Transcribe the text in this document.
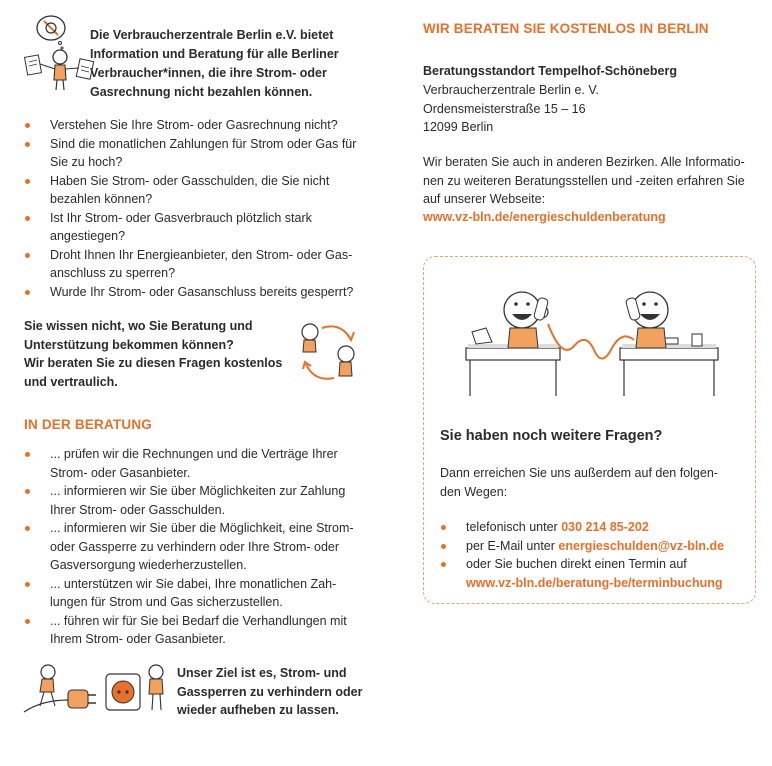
Die Verbraucherzentrale Berlin e.V. bietet
Information und Beratung für alle Berliner
Verbraucher*innen, die ihre Strom- oder
Gasrechnung nicht bezahlen können.
Verstehen Sie Ihre Strom- oder Gasrechnung nicht?
Sind die monatlichen Zahlungen für Strom oder Gas für Sie zu hoch?
Haben Sie Strom- oder Gasschulden, die Sie nicht bezahlen können?
Ist Ihr Strom- oder Gasverbrauch plötzlich stark angestiegen?
Droht Ihnen Ihr Energieanbieter, den Strom- oder Gas-anschluss zu sperren?
Wurde Ihr Strom- oder Gasanschluss bereits gesperrt?
Sie wissen nicht, wo Sie Beratung und
Unterstützung bekommen können?
Wir beraten Sie zu diesen Fragen kostenlos
und vertraulich.
IN DER BERATUNG
... prüfen wir die Rechnungen und die Verträge Ihrer Strom- oder Gasanbieter.
... informieren wir Sie über Möglichkeiten zur Zahlung Ihrer Strom- oder Gasschulden.
... informieren wir Sie über die Möglichkeit, eine Strom- oder Gassperre zu verhindern oder Ihre Strom- oder Gasversorgung wiederherzustellen.
... unterstützen wir Sie dabei, Ihre monatlichen Zah-lungen für Strom und Gas sicherzustellen.
... führen wir für Sie bei Bedarf die Verhandlungen mit Ihrem Strom- oder Gasanbieter.
Unser Ziel ist es, Strom- und
Gassperren zu verhindern oder
wieder aufheben zu lassen.
WIR BERATEN SIE KOSTENLOS IN BERLIN
Beratungsstandort Tempelhof-Schöneberg
Verbraucherzentrale Berlin e. V.
Ordensmeisterstraße 15 – 16
12099 Berlin
Wir beraten Sie auch in anderen Bezirken. Alle Informatio-
nen zu weiteren Beratungsstellen und -zeiten erfahren Sie
auf unserer Webseite:
www.vz-bln.de/energieschuldenberatung
Sie haben noch weitere Fragen?
Dann erreichen Sie uns außerdem auf den folgen-
den Wegen:
telefonisch unter 030 214 85-202
per E-Mail unter energieschulden@vz-bln.de
oder Sie buchen direkt einen Termin auf
www.vz-bln.de/beratung-be/terminbuchung
